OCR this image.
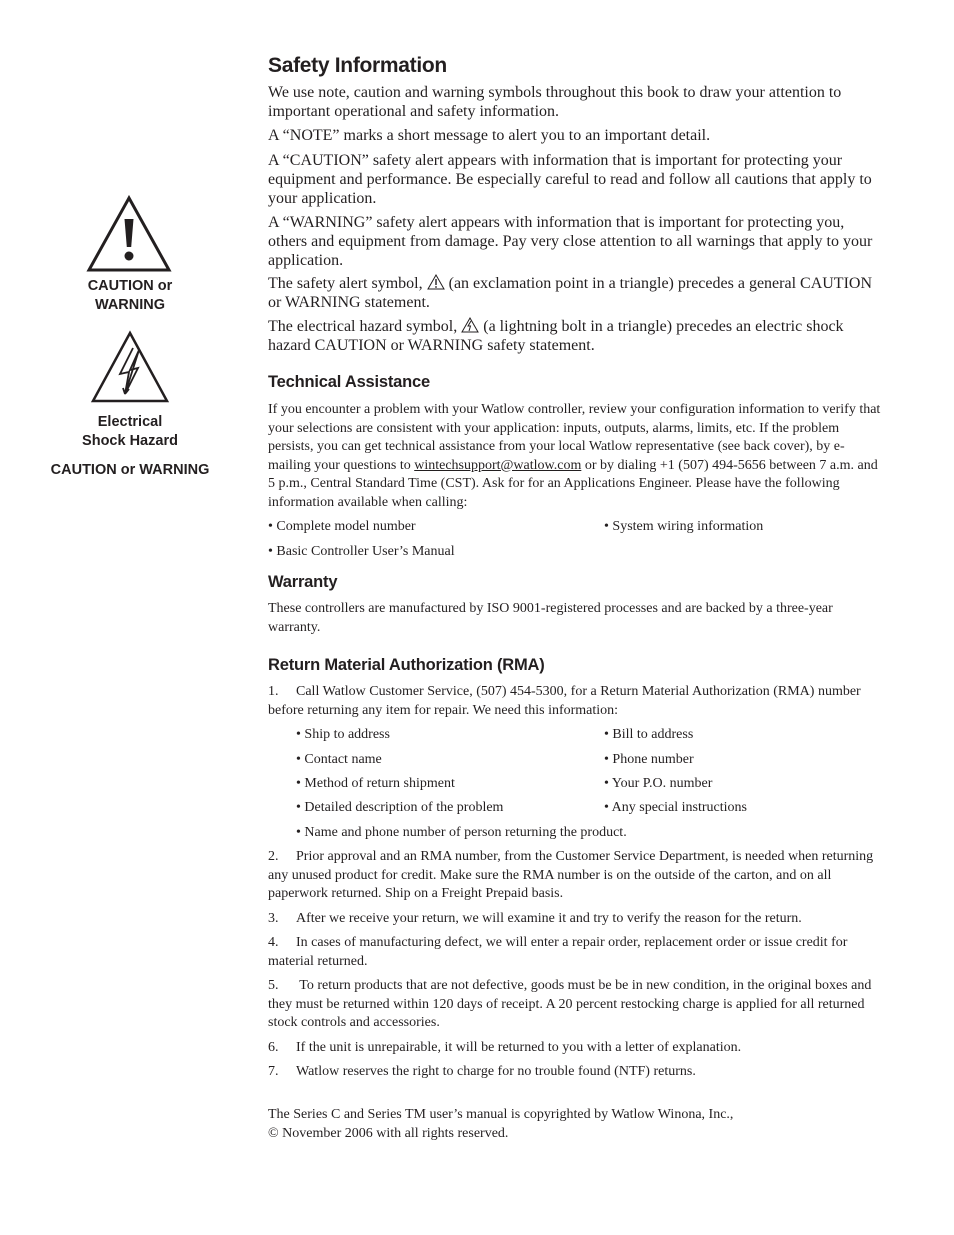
CAUTION or
WARNING
Electrical
Shock Hazard
CAUTION or WARNING
Safety Information

We use note, caution and warning symbols throughout this book to draw your attention to important operational and safety information.

A “NOTE” marks a short message to alert you to an important detail.

A “CAUTION” safety alert appears with information that is important for protecting your equipment and performance. Be especially careful to read and follow all cautions that apply to your application.

A “WARNING” safety alert appears with information that is important for protecting you, others and equipment from damage. Pay very close attention to all warnings that apply to your application.

The safety alert symbol, (an exclamation point in a triangle) precedes a general CAUTION or WARNING statement.

The electrical hazard symbol, (a lightning bolt in a triangle) precedes an electric shock hazard CAUTION or WARNING safety statement.

Technical Assistance

If you encounter a problem with your Watlow controller, review your configuration information to verify that your selections are consistent with your application: inputs, outputs, alarms, limits, etc. If the problem persists, you can get technical assistance from your local Watlow representative (see back cover), by e-mailing your questions to wintechsupport@watlow.com or by dialing +1 (507) 494-5656 between 7 a.m. and 5 p.m., Central Standard Time (CST). Ask for for an Applications Engineer. Please have the following information available when calling:

• Complete model number	• System wiring information
• Basic Controller User’s Manual
Warranty

These controllers are manufactured by ISO 9001-registered processes and are backed by a three-year warranty.

Return Material Authorization (RMA)

1. Call Watlow Customer Service, (507) 454-5300, for a Return Material Authorization (RMA) number before returning any item for repair. We need this information:

• Ship to address	• Bill to address
• Contact name	• Phone number
• Method of return shipment	• Your P.O. number
• Detailed description of the problem	• Any special instructions
• Name and phone number of person returning the product.

2. Prior approval and an RMA number, from the Customer Service Department, is needed when returning any unused product for credit. Make sure the RMA number is on the outside of the carton, and on all paperwork returned. Ship on a Freight Prepaid basis.

3. After we receive your return, we will examine it and try to verify the reason for the return.

4. In cases of manufacturing defect, we will enter a repair order, replacement order or issue credit for material returned.

5. To return products that are not defective, goods must be be in new condition, in the original boxes and they must be returned within 120 days of receipt. A 20 percent restocking charge is applied for all returned stock controls and accessories.

6. If the unit is unrepairable, it will be returned to you with a letter of explanation.

7. Watlow reserves the right to charge for no trouble found (NTF) returns.

The Series C and Series TM user’s manual is copyrighted by Watlow Winona, Inc.,
© November 2006 with all rights reserved.
